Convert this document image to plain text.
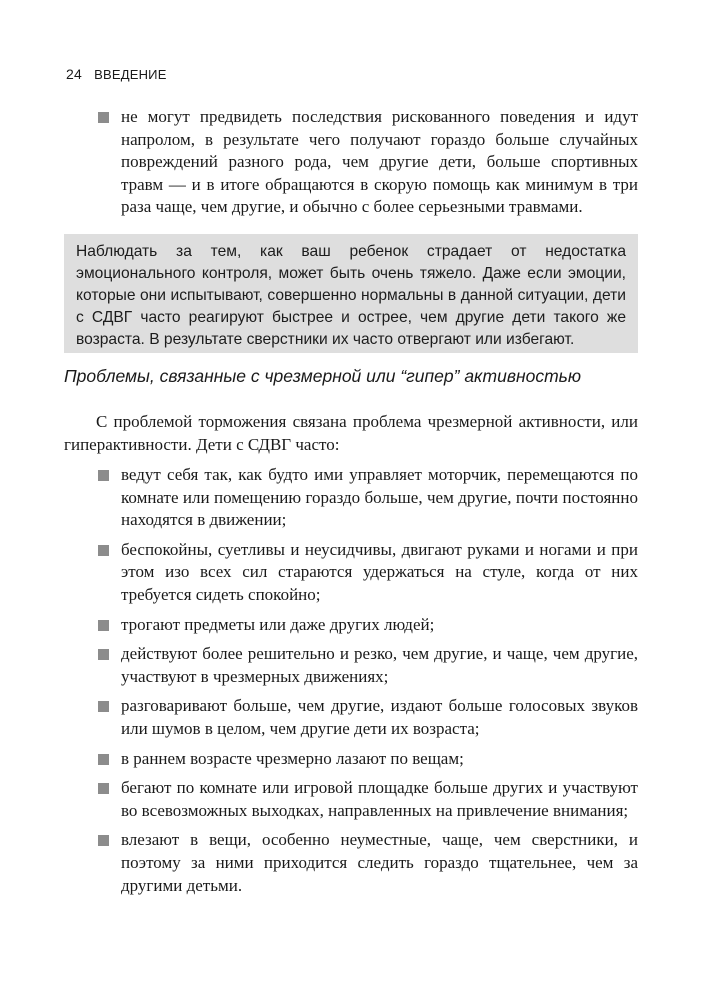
24 ВВЕДЕНИЕ
не могут предвидеть последствия рискованного поведения и идут напролом, в результате чего получают гораздо больше случайных повреждений разного рода, чем другие дети, больше спортивных травм — и в итоге обращаются в скорую помощь как минимум в три раза чаще, чем другие, и обычно с более серьезными травмами.
Наблюдать за тем, как ваш ребенок страдает от недостатка эмоционального контроля, может быть очень тяжело. Даже если эмоции, которые они испытывают, совершенно нормальны в данной ситуации, дети с СДВГ часто реагируют быстрее и острее, чем другие дети такого же возраста. В результате сверстники их часто отвергают или избегают.
Проблемы, связанные с чрезмерной или “гипер” активностью

С проблемой торможения связана проблема чрезмерной активности, или гиперактивности. Дети с СДВГ часто:

ведут себя так, как будто ими управляет моторчик, перемещаются по комнате или помещению гораздо больше, чем другие, почти постоянно находятся в движении;
беспокойны, суетливы и неусидчивы, двигают руками и ногами и при этом изо всех сил стараются удержаться на стуле, когда от них требуется сидеть спокойно;
трогают предметы или даже других людей;
действуют более решительно и резко, чем другие, и чаще, чем другие, участвуют в чрезмерных движениях;
разговаривают больше, чем другие, издают больше голосовых звуков или шумов в целом, чем другие дети их возраста;
в раннем возрасте чрезмерно лазают по вещам;
бегают по комнате или игровой площадке больше других и участвуют во всевозможных выходках, направленных на привлечение внимания;
влезают в вещи, особенно неуместные, чаще, чем сверстники, и поэтому за ними приходится следить гораздо тщательнее, чем за другими детьми.
